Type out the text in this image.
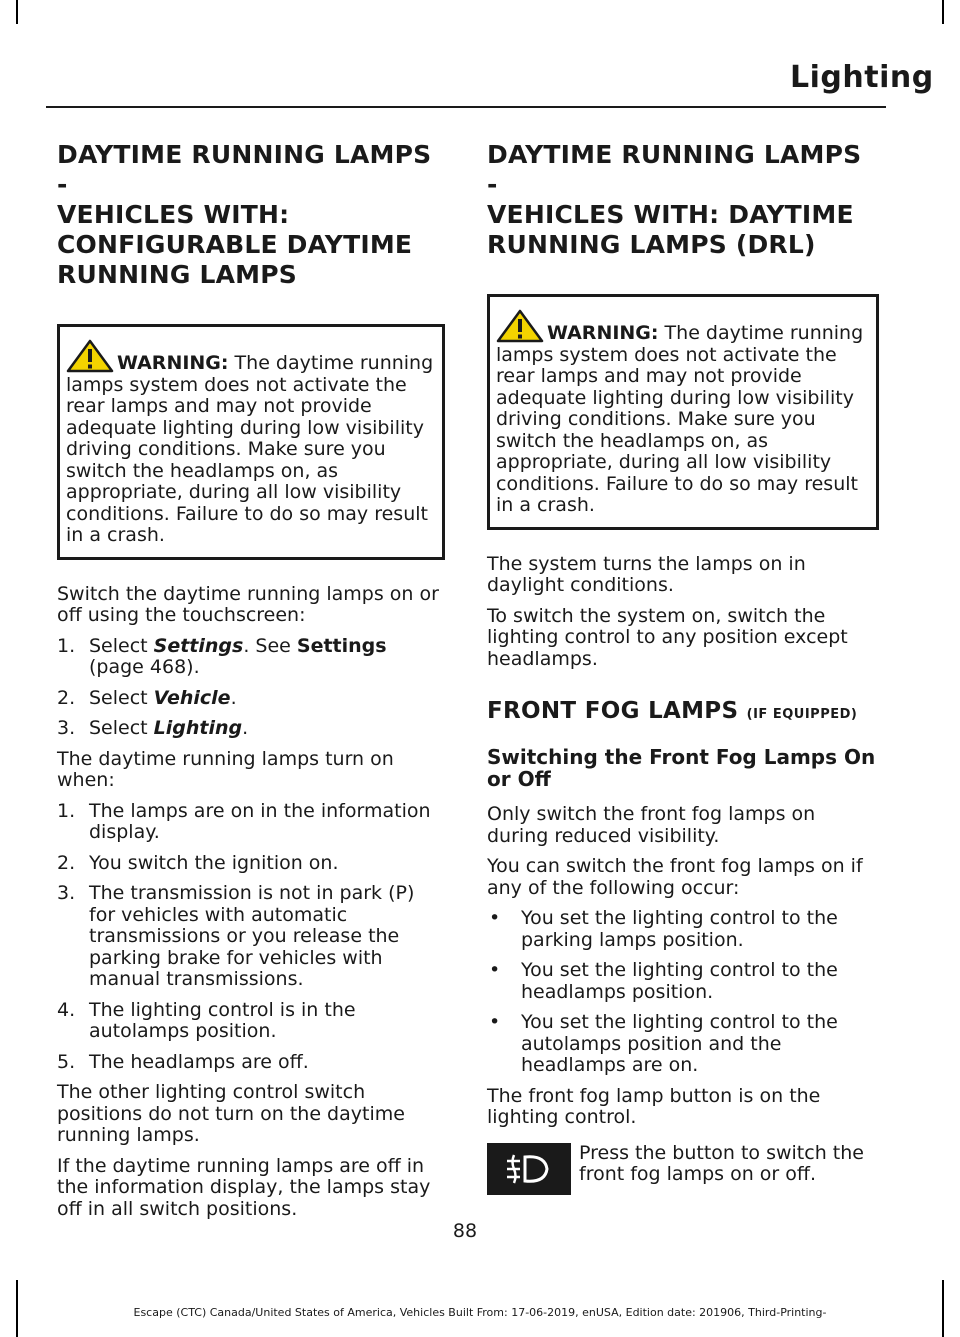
Lighting
DAYTIME RUNNING LAMPS -
VEHICLES WITH:
CONFIGURABLE DAYTIME
RUNNING LAMPS
WARNING: The daytime running lamps system does not activate the rear lamps and may not provide adequate lighting during low visibility driving conditions. Make sure you switch the headlamps on, as appropriate, during all low visibility conditions. Failure to do so may result in a crash.

Switch the daytime running lamps on or off using the touchscreen:

1. Select Settings. See Settings (page 468).
2. Select Vehicle.
3. Select Lighting.

The daytime running lamps turn on when:

1. The lamps are on in the information display.
2. You switch the ignition on.
3. The transmission is not in park (P) for vehicles with automatic transmissions or you release the parking brake for vehicles with manual transmissions.
4. The lighting control is in the autolamps position.
5. The headlamps are off.

The other lighting control switch positions do not turn on the daytime running lamps.

If the daytime running lamps are off in the information display, the lamps stay off in all switch positions.

DAYTIME RUNNING LAMPS -
VEHICLES WITH: DAYTIME
RUNNING LAMPS (DRL)
WARNING: The daytime running lamps system does not activate the rear lamps and may not provide adequate lighting during low visibility driving conditions. Make sure you switch the headlamps on, as appropriate, during all low visibility conditions. Failure to do so may result in a crash.

The system turns the lamps on in daylight conditions.

To switch the system on, switch the lighting control to any position except headlamps.

FRONT FOG LAMPS (IF EQUIPPED)
Switching the Front Fog Lamps On or Off

Only switch the front fog lamps on during reduced visibility.

You can switch the front fog lamps on if any of the following occur:

• You set the lighting control to the parking lamps position.
• You set the lighting control to the headlamps position.
• You set the lighting control to the autolamps position and the headlamps are on.

The front fog lamp button is on the lighting control.

Press the button to switch the front fog lamps on or off.
88
Escape (CTC) Canada/United States of America, Vehicles Built From: 17-06-2019, enUSA, Edition date: 201906, Third-Printing-
